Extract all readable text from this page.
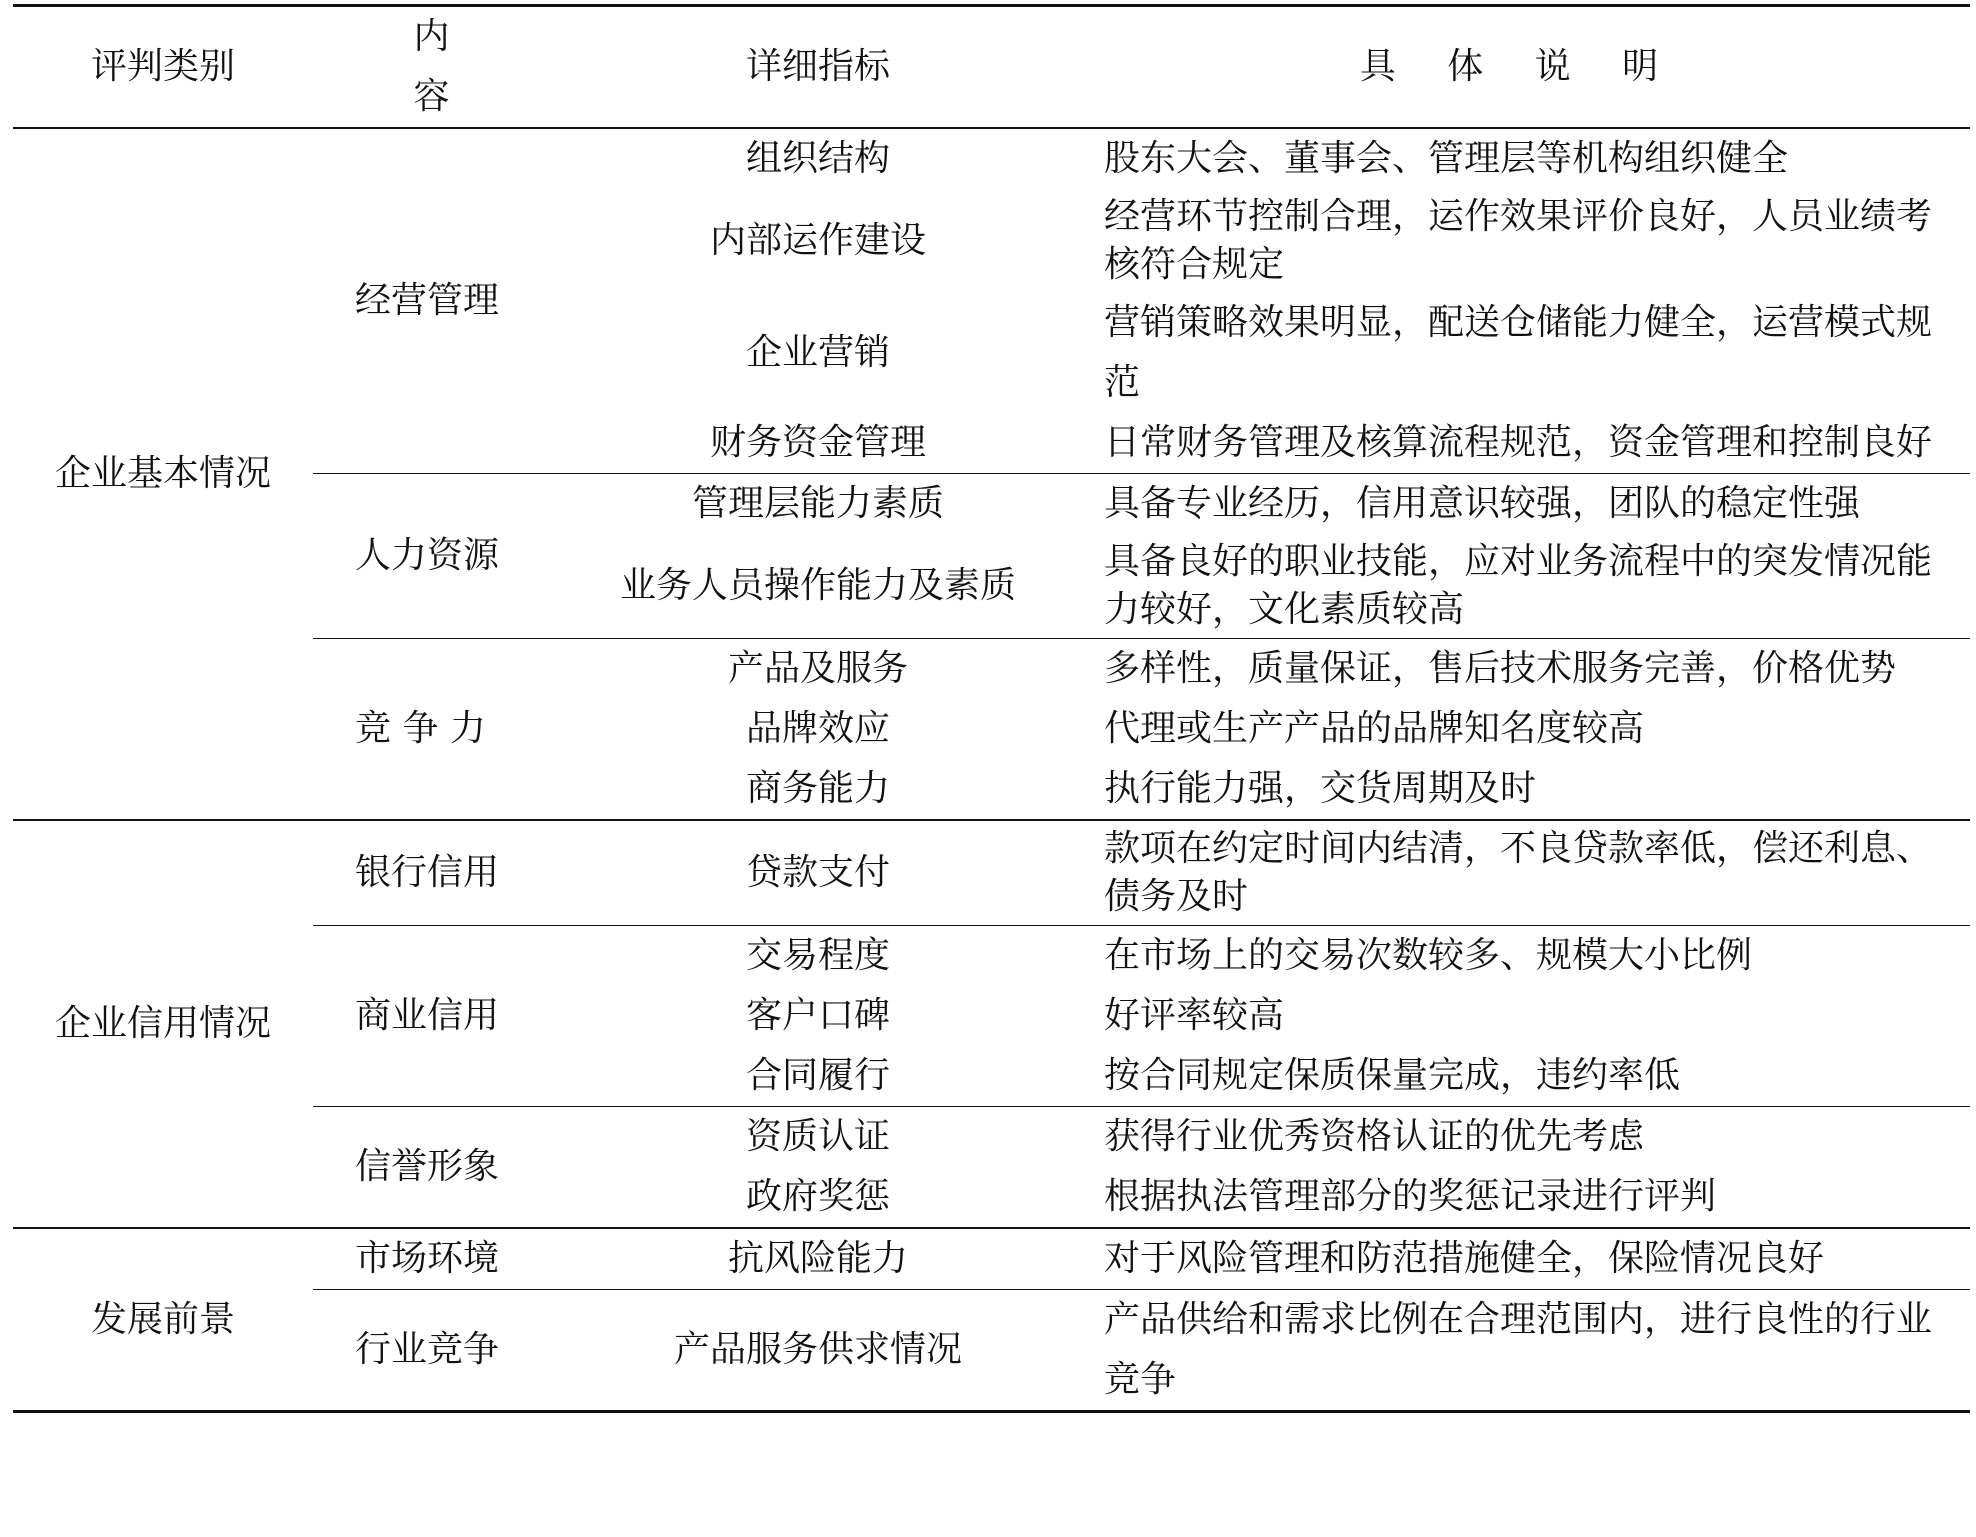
评判类别	内 容	详细指标	具 体 说 明
企业基本情况	经营管理	组织结构	股东大会、董事会、管理层等机构组织健全
		内部运作建设	经营环节控制合理，运作效果评价良好，人员业绩考核符合规定
		企业营销	营销策略效果明显，配送仓储能力健全，运营模式规范
		财务资金管理	日常财务管理及核算流程规范，资金管理和控制良好
	人力资源	管理层能力素质	具备专业经历，信用意识较强，团队的稳定性强
		业务人员操作能力及素质	具备良好的职业技能，应对业务流程中的突发情况能力较好，文化素质较高
	竞 争 力	产品及服务	多样性，质量保证，售后技术服务完善，价格优势
		品牌效应	代理或生产产品的品牌知名度较高
		商务能力	执行能力强，交货周期及时
企业信用情况	银行信用	贷款支付	款项在约定时间内结清，不良贷款率低，偿还利息、债务及时
	商业信用	交易程度	在市场上的交易次数较多、规模大小比例
		客户口碑	好评率较高
		合同履行	按合同规定保质保量完成，违约率低
	信誉形象	资质认证	获得行业优秀资格认证的优先考虑
		政府奖惩	根据执法管理部分的奖惩记录进行评判
发展前景	市场环境	抗风险能力	对于风险管理和防范措施健全，保险情况良好
	行业竞争	产品服务供求情况	产品供给和需求比例在合理范围内，进行良性的行业竞争
